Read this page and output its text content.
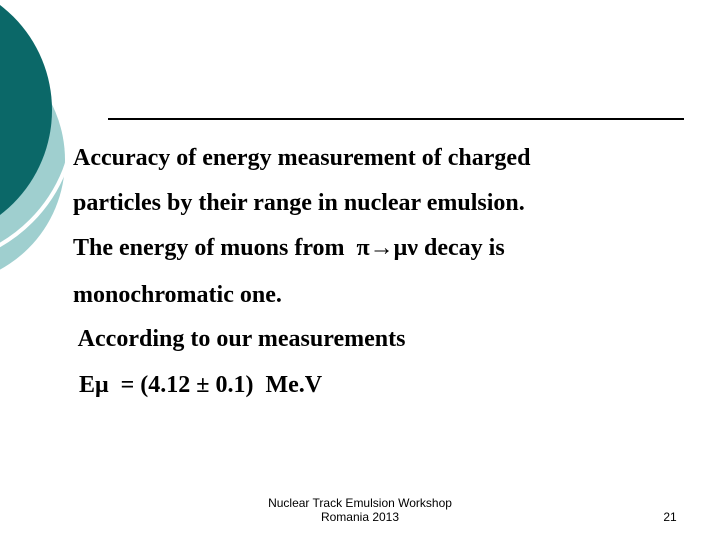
Accuracy of energy measurement of charged
particles by their range in nuclear emulsion.
The energy of muons from  π→μν decay is
monochromatic one.
According to our measurements
Eμ  = (4.12 ± 0.1)  Me.V
Nuclear Track Emulsion Workshop
Romania 2013	21
